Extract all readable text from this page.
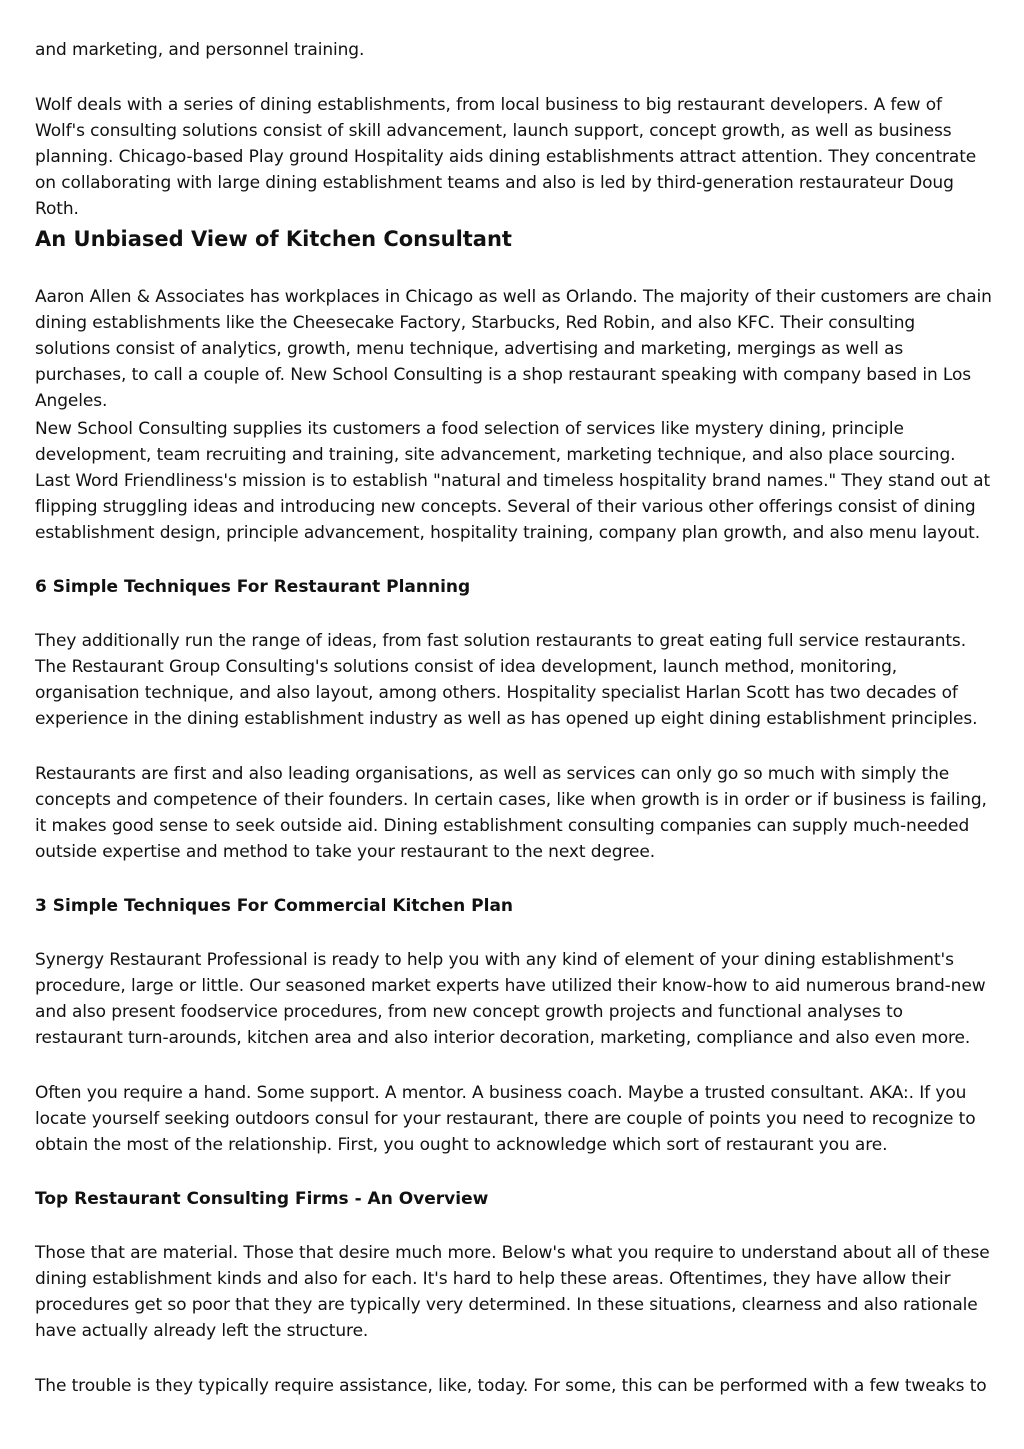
and marketing, and personnel training.

Wolf deals with a series of dining establishments, from local business to big restaurant developers. A few of Wolf's consulting solutions consist of skill advancement, launch support, concept growth, as well as business planning. Chicago-based Play ground Hospitality aids dining establishments attract attention. They concentrate on collaborating with large dining establishment teams and also is led by third-generation restaurateur Doug Roth.

An Unbiased View of Kitchen Consultant

Aaron Allen & Associates has workplaces in Chicago as well as Orlando. The majority of their customers are chain dining establishments like the Cheesecake Factory, Starbucks, Red Robin, and also KFC. Their consulting solutions consist of analytics, growth, menu technique, advertising and marketing, mergings as well as purchases, to call a couple of. New School Consulting is a shop restaurant speaking with company based in Los Angeles.

New School Consulting supplies its customers a food selection of services like mystery dining, principle development, team recruiting and training, site advancement, marketing technique, and also place sourcing. Last Word Friendliness's mission is to establish "natural and timeless hospitality brand names." They stand out at flipping struggling ideas and introducing new concepts. Several of their various other offerings consist of dining establishment design, principle advancement, hospitality training, company plan growth, and also menu layout.

6 Simple Techniques For Restaurant Planning

They additionally run the range of ideas, from fast solution restaurants to great eating full service restaurants. The Restaurant Group Consulting's solutions consist of idea development, launch method, monitoring, organisation technique, and also layout, among others. Hospitality specialist Harlan Scott has two decades of experience in the dining establishment industry as well as has opened up eight dining establishment principles.

Restaurants are first and also leading organisations, as well as services can only go so much with simply the concepts and competence of their founders. In certain cases, like when growth is in order or if business is failing, it makes good sense to seek outside aid. Dining establishment consulting companies can supply much-needed outside expertise and method to take your restaurant to the next degree.

3 Simple Techniques For Commercial Kitchen Plan

Synergy Restaurant Professional is ready to help you with any kind of element of your dining establishment's procedure, large or little. Our seasoned market experts have utilized their know-how to aid numerous brand-new and also present foodservice procedures, from new concept growth projects and functional analyses to restaurant turn-arounds, kitchen area and also interior decoration, marketing, compliance and also even more.

Often you require a hand. Some support. A mentor. A business coach. Maybe a trusted consultant. AKA:. If you locate yourself seeking outdoors consul for your restaurant, there are couple of points you need to recognize to obtain the most of the relationship. First, you ought to acknowledge which sort of restaurant you are.

Top Restaurant Consulting Firms - An Overview

Those that are material. Those that desire much more. Below's what you require to understand about all of these dining establishment kinds and also for each. It's hard to help these areas. Oftentimes, they have allow their procedures get so poor that they are typically very determined. In these situations, clearness and also rationale have actually already left the structure.

The trouble is they typically require assistance, like, today. For some, this can be performed with a few tweaks to
